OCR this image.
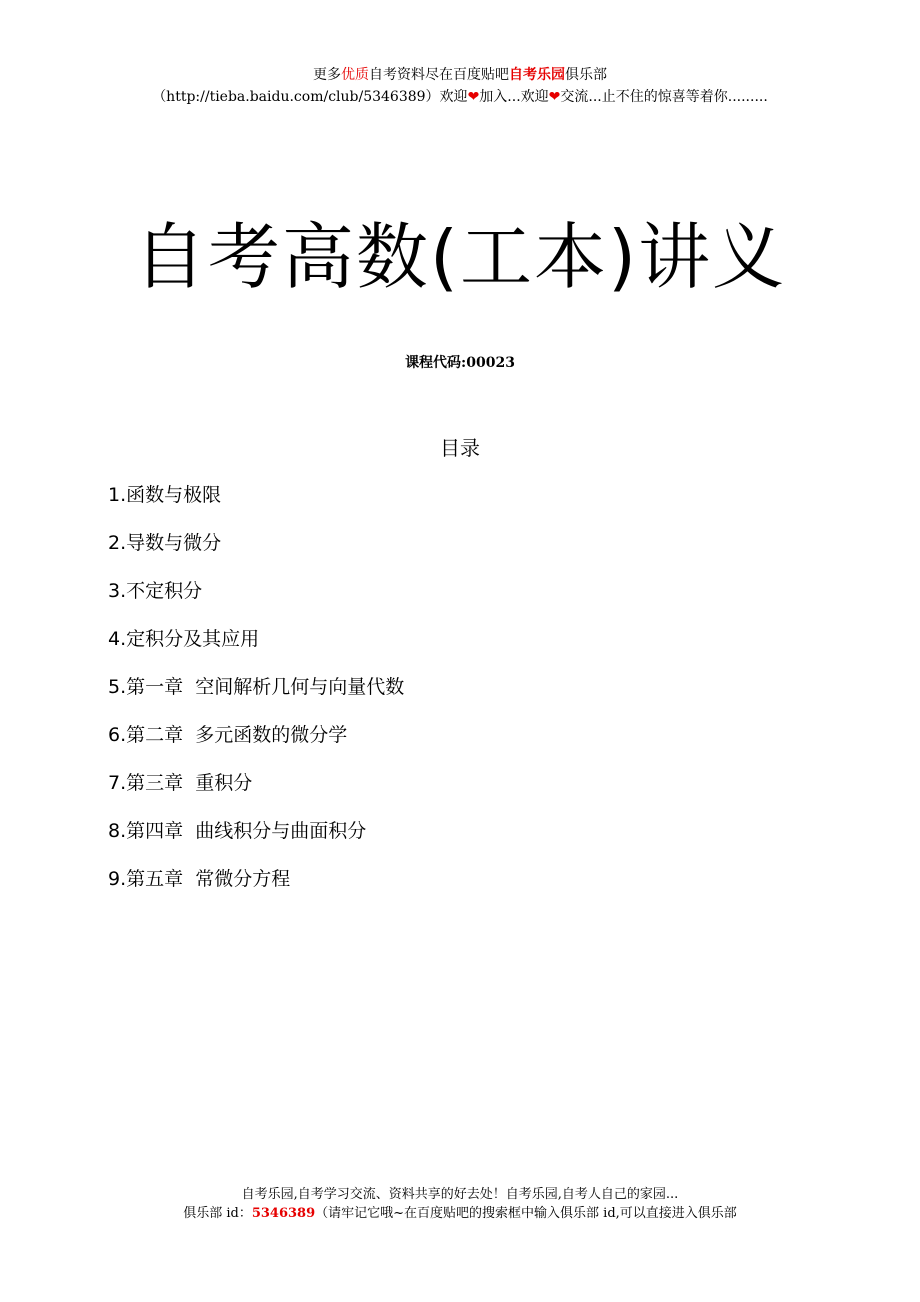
更多优质自考资料尽在百度贴吧自考乐园俱乐部
（http://tieba.baidu.com/club/5346389）欢迎❤加入...欢迎❤交流...止不住的惊喜等着你.........
自考高数(工本)讲义
课程代码:00023
目录
1.函数与极限
2.导数与微分
3.不定积分
4.定积分及其应用
5.第一章  空间解析几何与向量代数
6.第二章  多元函数的微分学
7.第三章  重积分
8.第四章  曲线积分与曲面积分
9.第五章  常微分方程
自考乐园,自考学习交流、资料共享的好去处！自考乐园,自考人自己的家园...
俱乐部 id：5346389（请牢记它哦~在百度贴吧的搜索框中输入俱乐部 id,可以直接进入俱乐部
